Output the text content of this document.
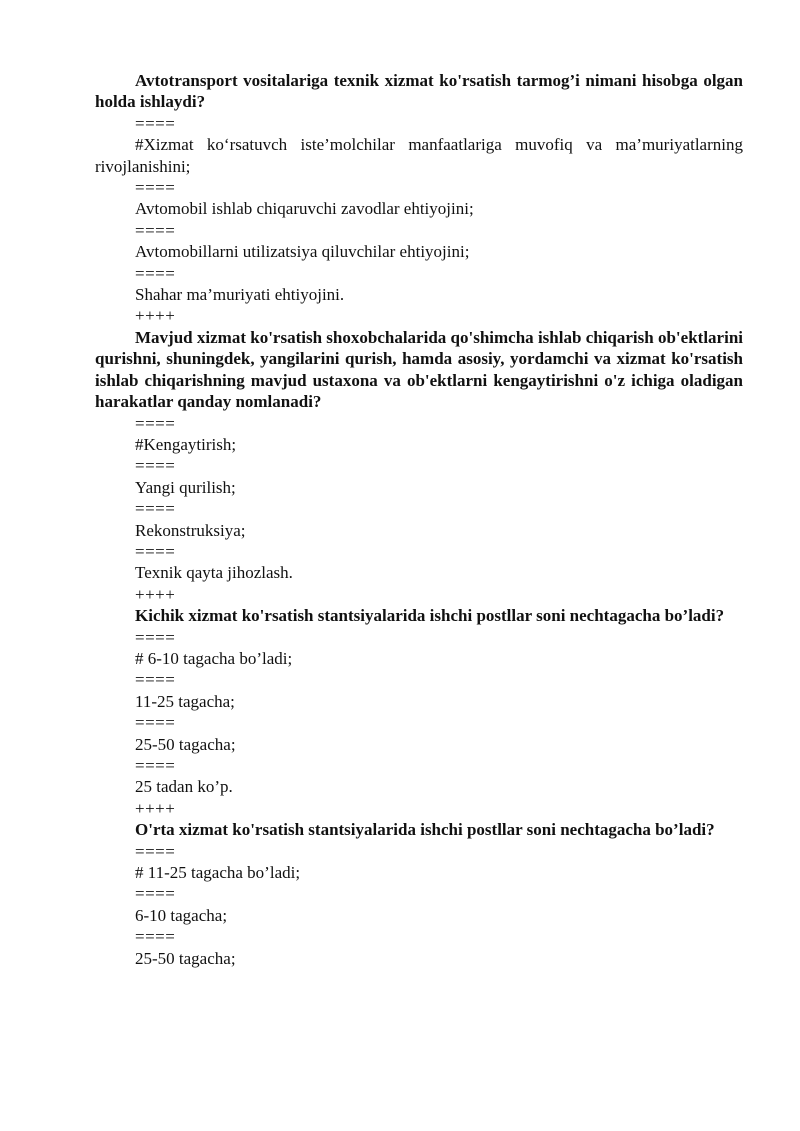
Avtotransport vositalariga texnik xizmat ko'rsatish tarmog’i nimani hisobga olgan holda ishlaydi?

====

#Xizmat ko‘rsatuvch iste’molchilar manfaatlariga muvofiq va ma’muriyatlarning rivojlanishini;

====

Avtomobil ishlab chiqaruvchi zavodlar ehtiyojini;

====

Avtomobillarni utilizatsiya qiluvchilar ehtiyojini;

====

Shahar ma’muriyati ehtiyojini.

++++

Mavjud xizmat ko'rsatish shoxobchalarida qo'shimcha ishlab chiqarish ob'ektlarini qurishni, shuningdek, yangilarini qurish, hamda asosiy, yordamchi va xizmat ko'rsatish ishlab chiqarishning mavjud ustaxona va ob'ektlarni kengaytirishni o'z ichiga oladigan harakatlar qanday nomlanadi?

====

#Kengaytirish;

====

Yangi qurilish;

====

Rekonstruksiya;

====

Texnik qayta jihozlash.

++++

Kichik xizmat ko'rsatish stantsiyalarida ishchi postllar soni nechtagacha bo’ladi?

====

# 6-10 tagacha bo’ladi;

====

11-25 tagacha;

====

25-50 tagacha;

====

25 tadan ko’p.

++++

O'rta xizmat ko'rsatish stantsiyalarida ishchi postllar soni nechtagacha bo’ladi?

====

# 11-25 tagacha bo’ladi;

====

6-10 tagacha;

====

25-50 tagacha;
